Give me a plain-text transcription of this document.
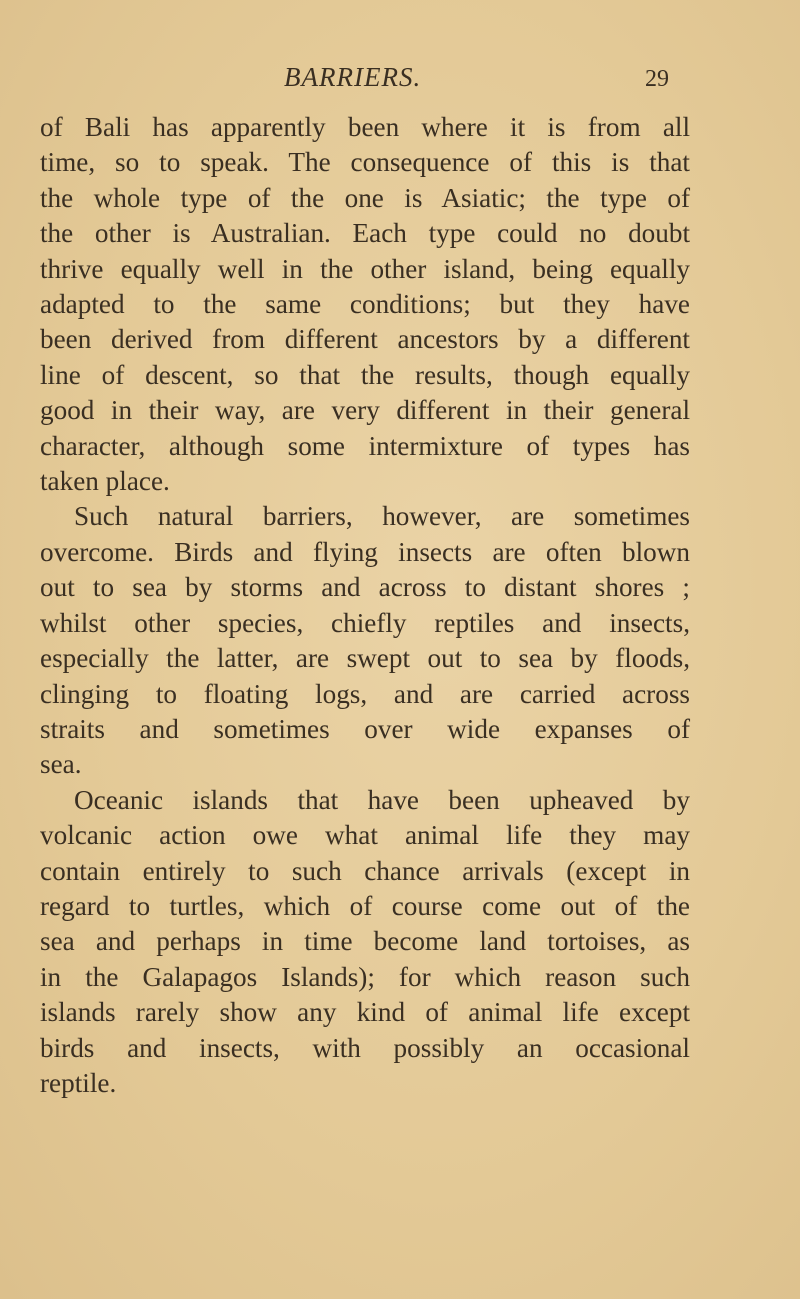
BARRIERS.	29
of Bali has apparently been where it is from all
time, so to speak. The consequence of this is that
the whole type of the one is Asiatic; the type of
the other is Australian. Each type could no doubt
thrive equally well in the other island, being equally
adapted to the same conditions; but they have
been derived from different ancestors by a different
line of descent, so that the results, though equally
good in their way, are very different in their general
character, although some intermixture of types has
taken place.
Such natural barriers, however, are sometimes
overcome. Birds and flying insects are often blown
out to sea by storms and across to distant shores ;
whilst other species, chiefly reptiles and insects,
especially the latter, are swept out to sea by floods,
clinging to floating logs, and are carried across
straits and sometimes over wide expanses of
sea.
Oceanic islands that have been upheaved by
volcanic action owe what animal life they may
contain entirely to such chance arrivals (except in
regard to turtles, which of course come out of the
sea and perhaps in time become land tortoises, as
in the Galapagos Islands); for which reason such
islands rarely show any kind of animal life except
birds and insects, with possibly an occasional
reptile.
